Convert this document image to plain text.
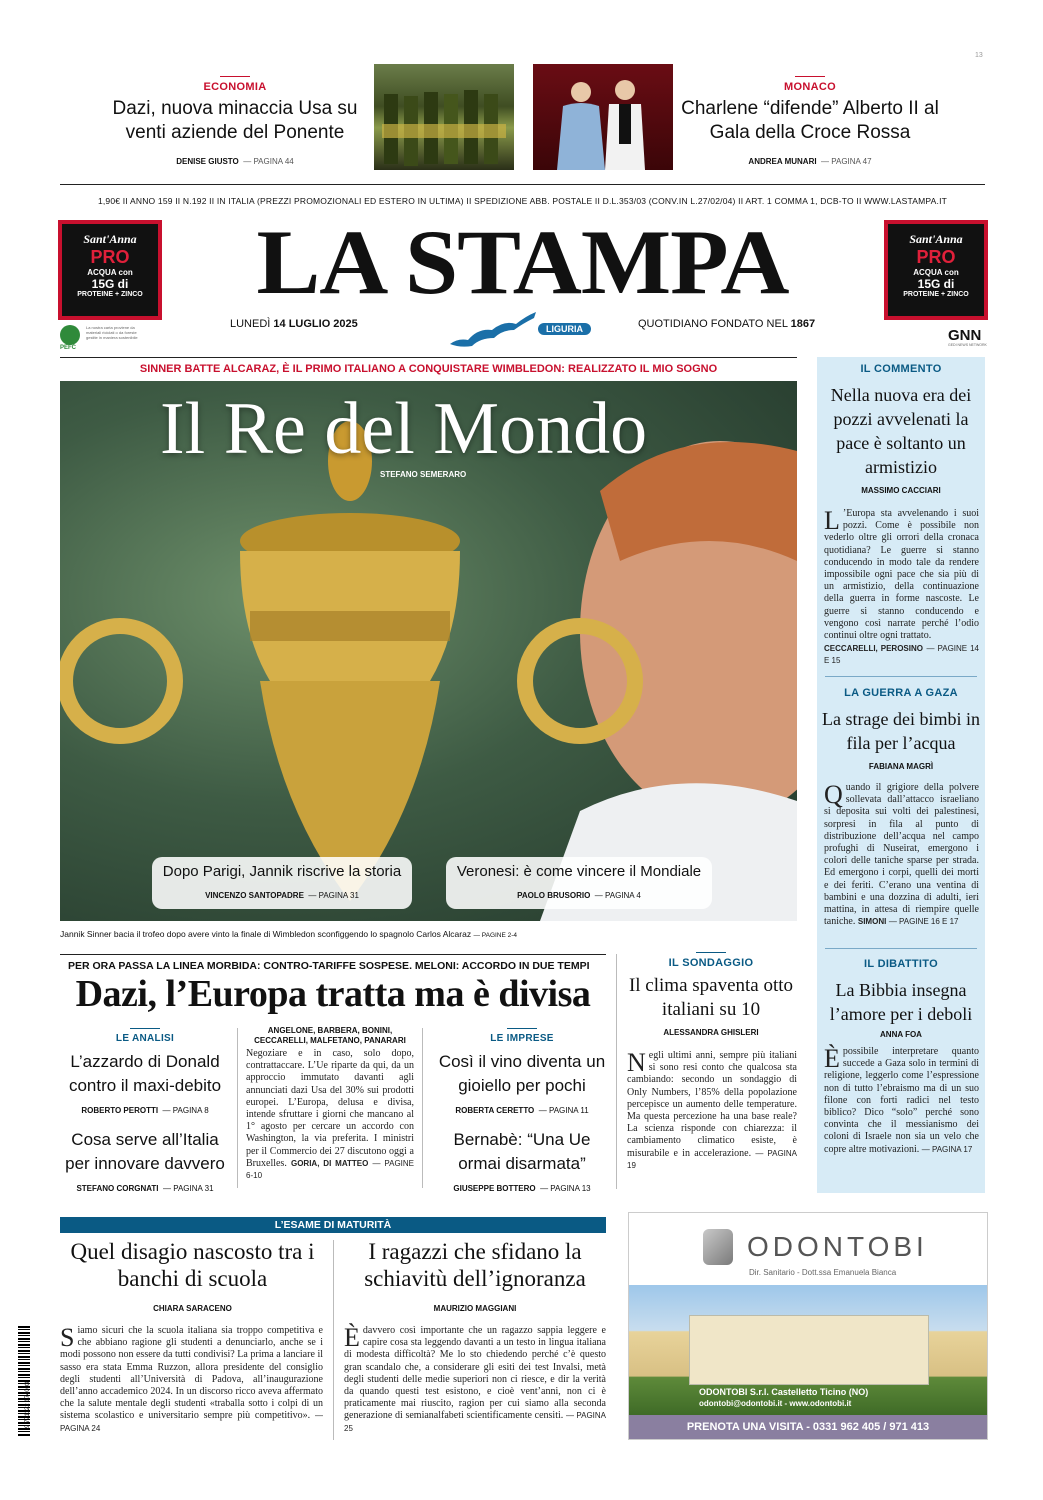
13
ECONOMIA
Dazi, nuova minaccia Usa su venti aziende del Ponente
DENISE GIUSTO — PAGINA 44
MONACO
Charlene “difende” Alberto II al Gala della Croce Rossa
ANDREA MUNARI — PAGINA 47
1,90€ II ANNO 159 II N.192 II IN ITALIA (PREZZI PROMOZIONALI ED ESTERO IN ULTIMA) II SPEDIZIONE ABB. POSTALE II D.L.353/03 (CONV.IN L.27/02/04) II ART. 1 COMMA 1, DCB-TO II WWW.LASTAMPA.IT
Sant'Anna
PRO
ACQUA con
15G di
PROTEINE + ZINCO
Sant'Anna
PRO
ACQUA con
15G di
PROTEINE + ZINCO
LA STAMPA
LUNEDÌ 14 LUGLIO 2025	LIGURIA	QUOTIDIANO FONDATO NEL 1867
PEFC
La nostra carta proviene da materiali riciclati o da foreste gestite in maniera sostenibile	GNN
GEDI NEWS NETWORK
SINNER BATTE ALCARAZ, È IL PRIMO ITALIANO A CONQUISTARE WIMBLEDON: REALIZZATO IL MIO SOGNO
Il Re del Mondo
STEFANO SEMERARO
Dopo Parigi, Jannik riscrive la storia
VINCENZO SANTOPADRE — PAGINA 31
Veronesi: è come vincere il Mondiale
PAOLO BRUSORIO — PAGINA 4
Jannik Sinner bacia il trofeo dopo avere vinto la finale di Wimbledon sconfiggendo lo spagnolo Carlos Alcaraz — PAGINE 2-4
IL COMMENTO
Nella nuova era dei pozzi avvelenati la pace è soltanto un armistizio
MASSIMO CACCIARI
L ’Europa sta avvelenando i suoi pozzi. Come è possibile non vederlo oltre gli orrori della cronaca quotidiana? Le guerre si stanno conducendo in modo tale da rendere impossibile ogni pace che sia più di un armistizio, della continuazione della guerra in forme nascoste. Le guerre si stanno conducendo e vengono così narrate perché l’odio continui oltre ogni trattato.
CECCARELLI, PEROSINO — PAGINE 14 E 15
LA GUERRA A GAZA
La strage dei bimbi in fila per l’acqua
FABIANA MAGRÌ
Quando il grigiore della polvere sollevata dall’attacco israeliano si deposita sui volti dei palestinesi, sorpresi in fila al punto di distribuzione dell’acqua nel campo profughi di Nuseirat, emergono i colori delle taniche sparse per strada. Ed emergono i corpi, quelli dei morti e dei feriti. C’erano una ventina di bambini e una dozzina di adulti, ieri mattina, in attesa di riempire quelle taniche. SIMONI — PAGINE 16 E 17
IL DIBATTITO
La Bibbia insegna l’amore per i deboli
ANNA FOA
È possibile interpretare quanto succede a Gaza solo in termini di religione, leggerlo come l’espressione non di tutto l’ebraismo ma di un suo filone con forti radici nel testo biblico? Dico “solo” perché sono convinta che il messianismo dei coloni di Israele non sia un velo che copre altre motivazioni. — PAGINA 17
PER ORA PASSA LA LINEA MORBIDA: CONTRO-TARIFFE SOSPESE. MELONI: ACCORDO IN DUE TEMPI
Dazi, l’Europa tratta ma è divisa
LE ANALISI
L’azzardo di Donald contro il maxi-debito
ROBERTO PEROTTI — PAGINA 8
Cosa serve all’Italia per innovare davvero
STEFANO CORGNATI — PAGINA 31
ANGELONE, BARBERA, BONINI, CECCARELLI, MALFETANO, PANARARI
Negoziare e in caso, solo dopo, contrattaccare. L’Ue riparte da qui, da un approccio immutato davanti agli annunciati dazi Usa del 30% sui prodotti europei. L’Europa, delusa e divisa, intende sfruttare i giorni che mancano al 1° agosto per cercare un accordo con Washington, la via preferita. I ministri per il Commercio dei 27 discutono oggi a Bruxelles. GORIA, DI MATTEO — PAGINE 6-10
LE IMPRESE
Così il vino diventa un gioiello per pochi
ROBERTA CERETTO — PAGINA 11
Bernabè: “Una Ue ormai disarmata”
GIUSEPPE BOTTERO — PAGINA 13
IL SONDAGGIO
Il clima spaventa otto italiani su 10
ALESSANDRA GHISLERI
Negli ultimi anni, sempre più italiani si sono resi conto che qualcosa sta cambiando: secondo un sondaggio di Only Numbers, l’85% della popolazione percepisce un aumento delle temperature. Ma questa percezione ha una base reale? La scienza risponde con chiarezza: il cambiamento climatico esiste, è misurabile e in accelerazione. — PAGINA 19
L’ESAME DI MATURITÀ
Quel disagio nascosto tra i banchi di scuola
CHIARA SARACENO
Siamo sicuri che la scuola italiana sia troppo competitiva e che abbiano ragione gli studenti a denunciarlo, anche se i modi possono non essere da tutti condivisi? La prima a lanciare il sasso era stata Emma Ruzzon, allora presidente del consiglio degli studenti all’Università di Padova, all’inaugurazione dell’anno accademico 2024. In un discorso ricco aveva affermato che la salute mentale degli studenti «traballa sotto i colpi di un sistema scolastico e universitario sempre più competitivo». — PAGINA 24
I ragazzi che sfidano la schiavitù dell’ignoranza
MAURIZIO MAGGIANI
È davvero così importante che un ragazzo sappia leggere e capire cosa sta leggendo davanti a un testo in lingua italiana di modesta difficoltà? Me lo sto chiedendo perché c’è questo gran scandalo che, a considerare gli esiti dei test Invalsi, metà degli studenti delle medie superiori non ci riesce, e dir la verità da quando questi test esistono, e cioè vent’anni, non ci è praticamente mai riuscito, ragion per cui siamo alla seconda generazione di semianalfabeti scientificamente censiti. — PAGINA 25
9 771122 174003
ODONTOBI
Dir. Sanitario - Dott.ssa Emanuela Bianca
ODONTOBI S.r.l. Castelletto Ticino (NO)
odontobi@odontobi.it - www.odontobi.it
PRENOTA UNA VISITA - 0331 962 405 / 971 413
